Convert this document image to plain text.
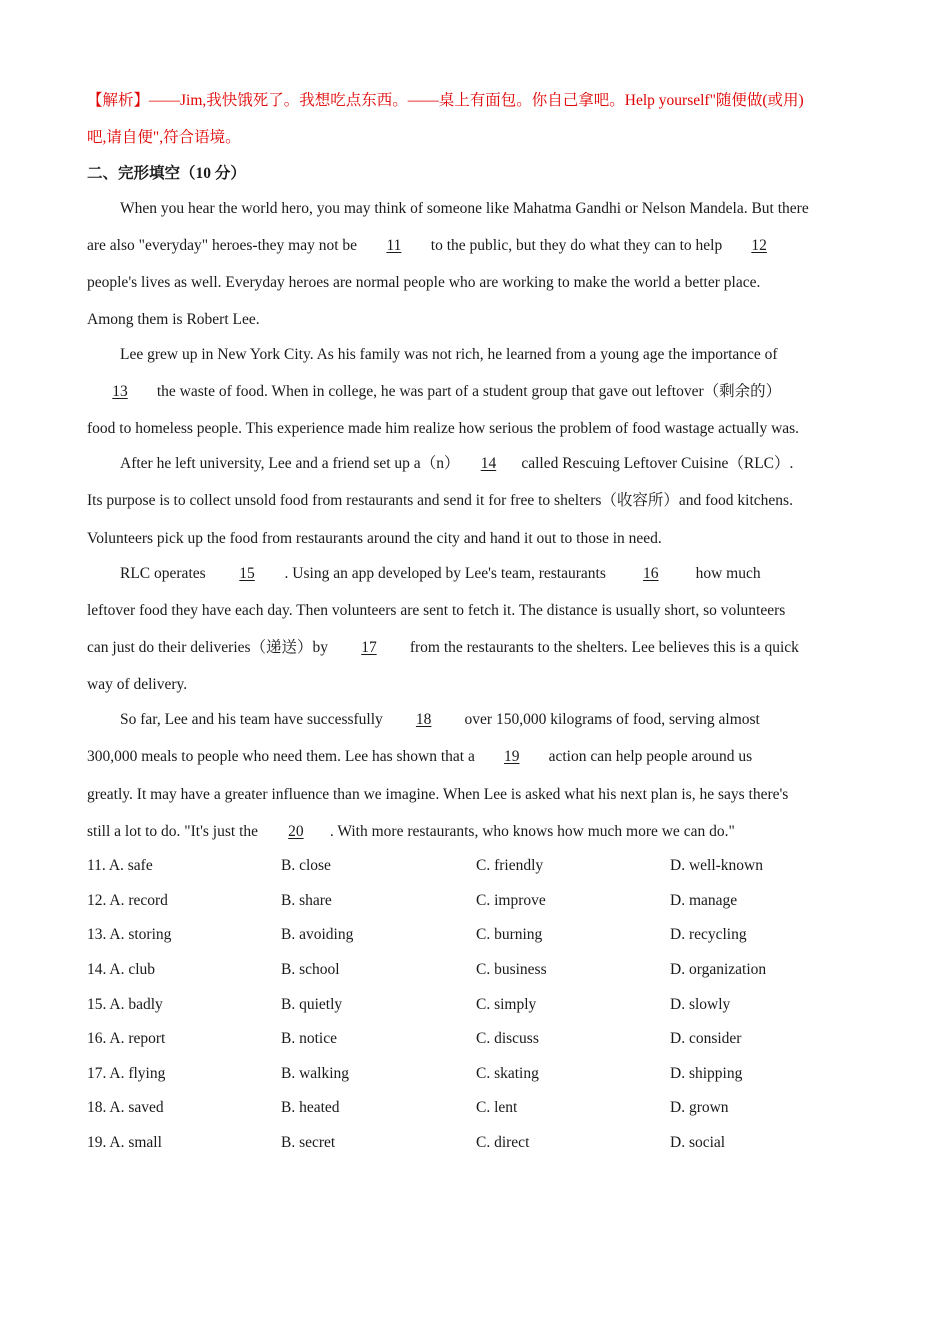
【解析】——Jim,我快饿死了。我想吃点东西。——桌上有面包。你自己拿吧。Help yourself"随便做(或用)
吧,请自便",符合语境。
二、完形填空（10 分）
When you hear the world hero, you may think of someone like Mahatma Gandhi or Nelson Mandela. But there
are also "everyday" heroes-they may not be 11 to the public, but they do what they can to help 12
people's lives as well. Everyday heroes are normal people who are working to make the world a better place.
Among them is Robert Lee.
Lee grew up in New York City. As his family was not rich, he learned from a young age the importance of
13 the waste of food. When in college, he was part of a student group that gave out leftover（剩余的）
food to homeless people. This experience made him realize how serious the problem of food wastage actually was.
After he left university, Lee and a friend set up a（n） 14 called Rescuing Leftover Cuisine（RLC）.
Its purpose is to collect unsold food from restaurants and send it for free to shelters（收容所）and food kitchens.
Volunteers pick up the food from restaurants around the city and hand it out to those in need.
RLC operates 15 . Using an app developed by Lee's team, restaurants 16 how much
leftover food they have each day. Then volunteers are sent to fetch it. The distance is usually short, so volunteers
can just do their deliveries（递送）by 17 from the restaurants to the shelters. Lee believes this is a quick
way of delivery.
So far, Lee and his team have successfully 18 over 150,000 kilograms of food, serving almost
300,000 meals to people who need them. Lee has shown that a 19 action can help people around us
greatly. It may have a greater influence than we imagine. When Lee is asked what his next plan is, he says there's
still a lot to do. "It's just the 20 . With more restaurants, who knows how much more we can do."
11. A. safe	B. close	C. friendly	D. well-known
12. A. record	B. share	C. improve	D. manage
13. A. storing	B. avoiding	C. burning	D. recycling
14. A. club	B. school	C. business	D. organization
15. A. badly	B. quietly	C. simply	D. slowly
16. A. report	B. notice	C. discuss	D. consider
17. A. flying	B. walking	C. skating	D. shipping
18. A. saved	B. heated	C. lent	D. grown
19. A. small	B. secret	C. direct	D. social
